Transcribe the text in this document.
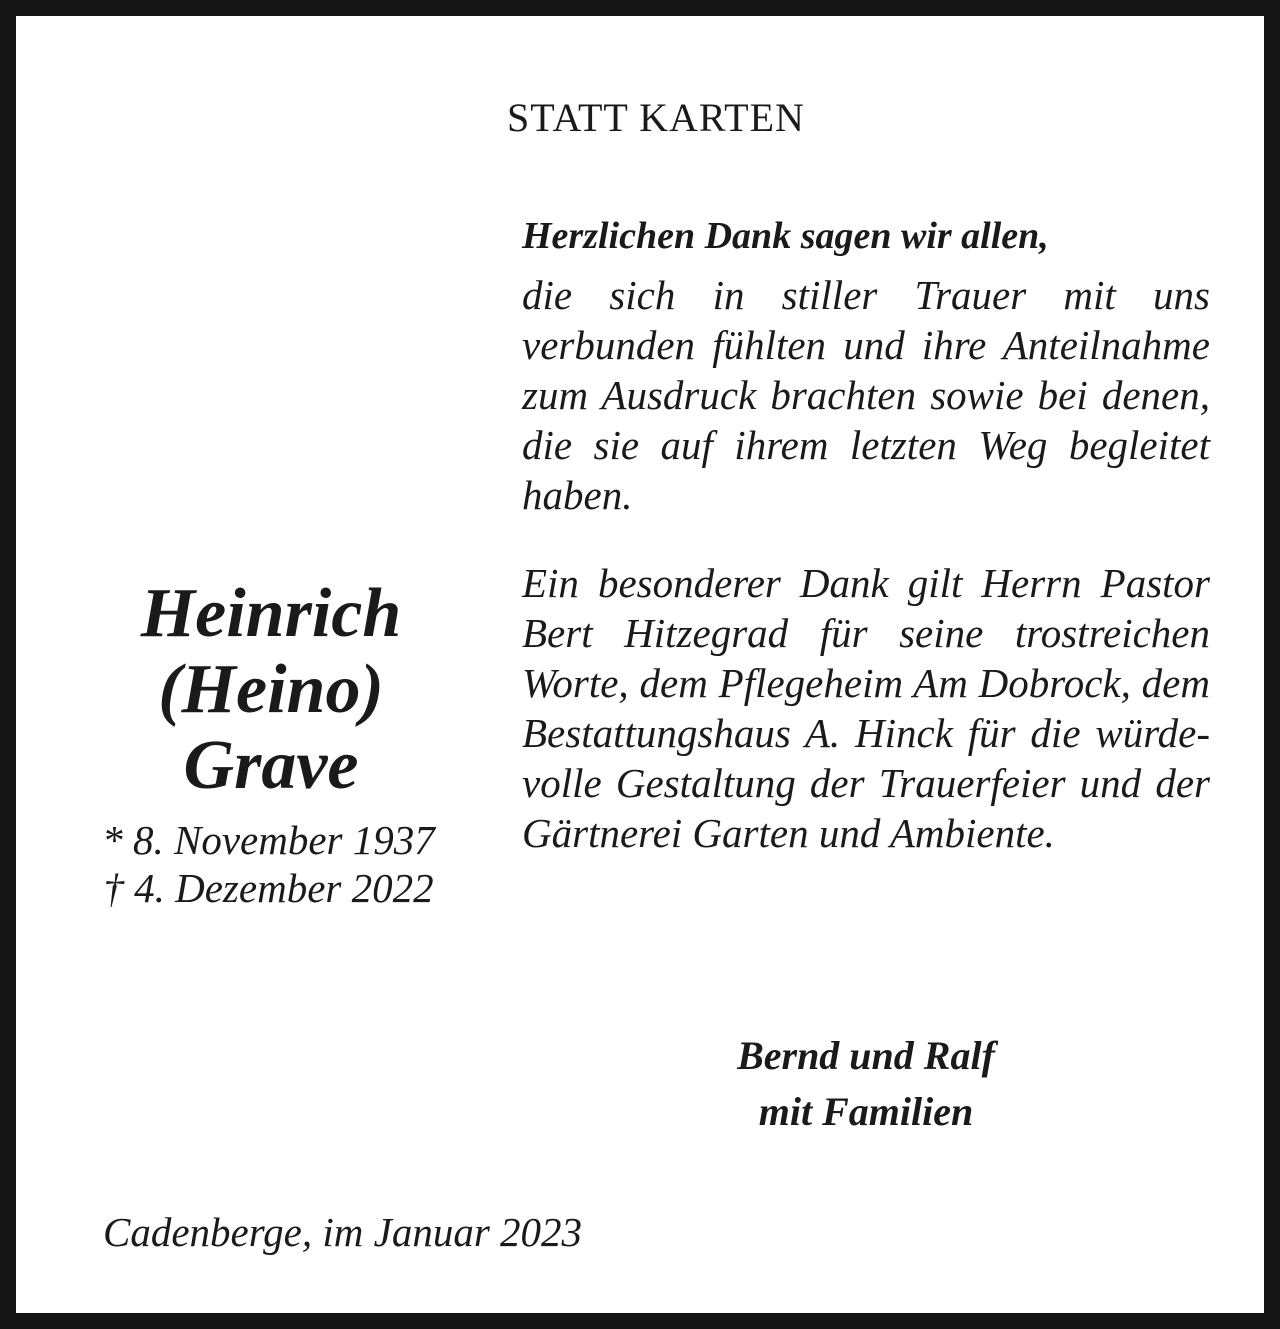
STATT KARTEN
Heinrich
(Heino)
Grave
* 8. November 1937
† 4. Dezember 2022

Herzlichen Dank sagen wir allen,

die sich in stiller Trauer mit uns verbunden fühlten und ihre Anteilnahme zum Ausdruck brachten sowie bei denen, die sie auf ihrem letzten Weg begleitet haben.

Ein besonderer Dank gilt Herrn Pastor Bert Hitzegrad für seine trostreichen Worte, dem Pflegeheim Am Dobrock, dem Bestattungshaus A. Hinck für die würdevolle Gestaltung der Trauerfeier und der Gärtnerei Garten und Ambiente.

Bernd und Ralf
mit Familien
Cadenberge, im Januar 2023
